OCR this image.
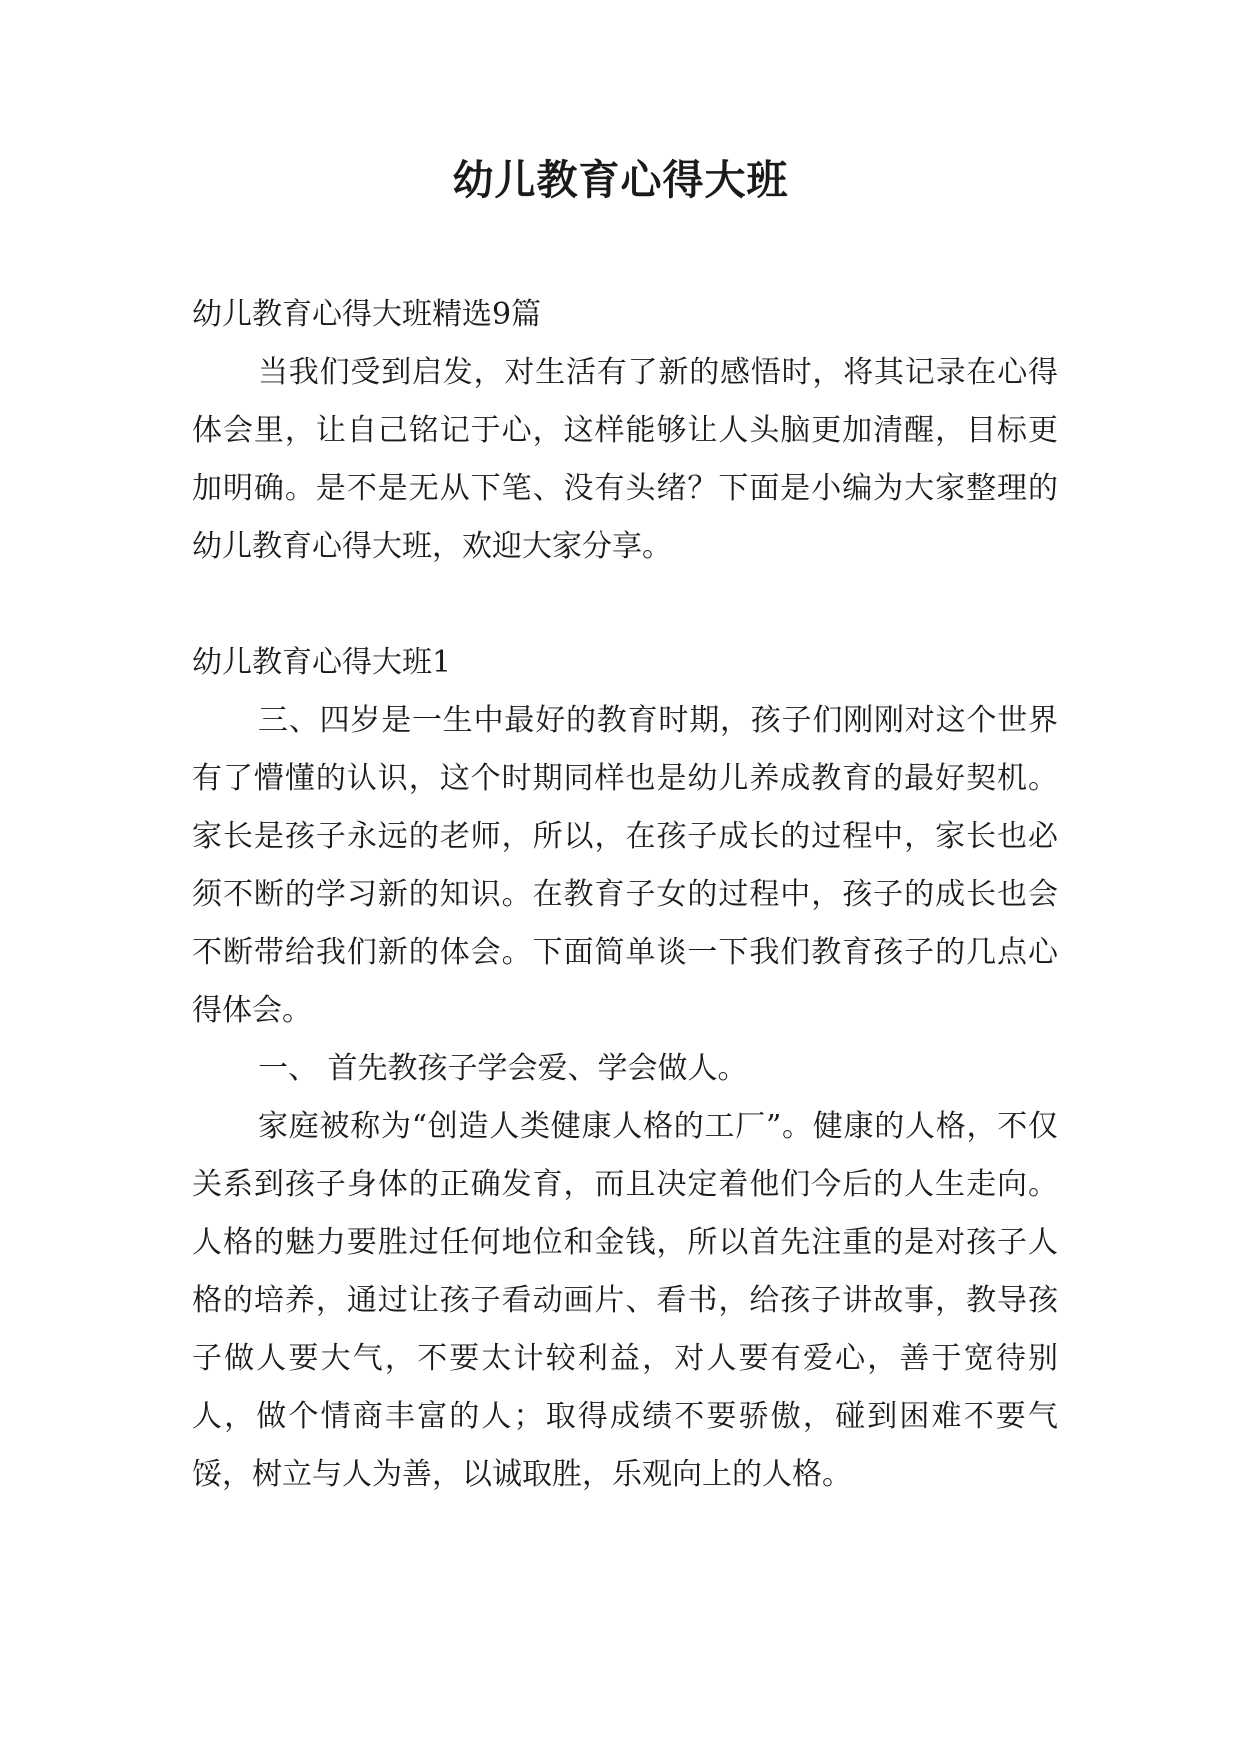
幼儿教育心得大班

幼儿教育心得大班精选9篇

当我们受到启发，对生活有了新的感悟时，将其记录在心得体会里，让自己铭记于心，这样能够让人头脑更加清醒，目标更加明确。是不是无从下笔、没有头绪？下面是小编为大家整理的幼儿教育心得大班，欢迎大家分享。

幼儿教育心得大班1

三、四岁是一生中最好的教育时期，孩子们刚刚对这个世界有了懵懂的认识，这个时期同样也是幼儿养成教育的最好契机。家长是孩子永远的老师，所以，在孩子成长的过程中，家长也必须不断的学习新的知识。在教育子女的过程中，孩子的成长也会不断带给我们新的体会。下面简单谈一下我们教育孩子的几点心得体会。

一、 首先教孩子学会爱、学会做人。

家庭被称为“创造人类健康人格的工厂”。健康的人格，不仅关系到孩子身体的正确发育，而且决定着他们今后的人生走向。人格的魅力要胜过任何地位和金钱，所以首先注重的是对孩子人格的培养，通过让孩子看动画片、看书，给孩子讲故事，教导孩子做人要大气，不要太计较利益，对人要有爱心，善于宽待别人，做个情商丰富的人；取得成绩不要骄傲，碰到困难不要气馁，树立与人为善，以诚取胜，乐观向上的人格。
